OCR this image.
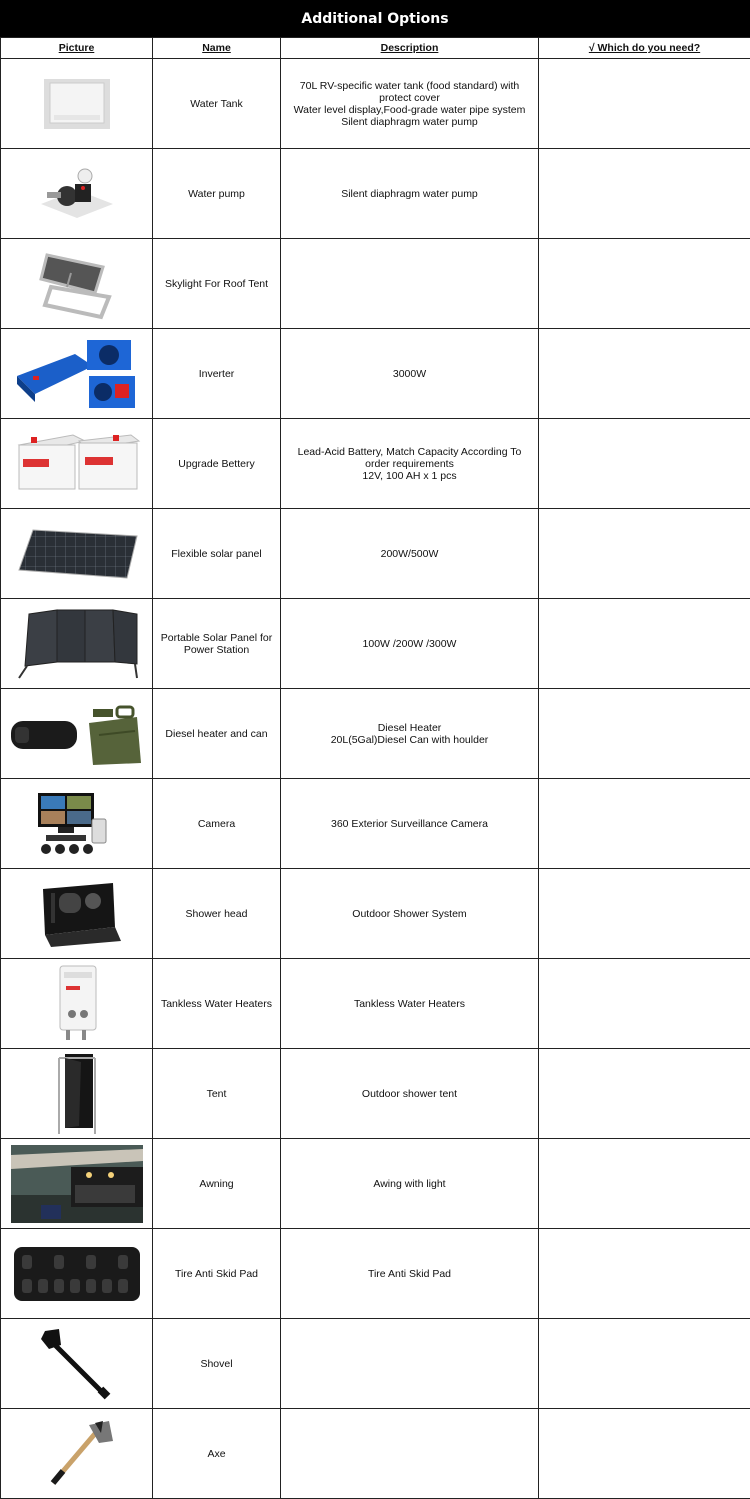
Additional Options
Picture	Name	Description	√ Which do you need?

	Water Tank	70L RV-specific water tank (food standard) with protect cover
Water level display,Food-grade water pipe system
Silent diaphragm water pump	

	Water pump	Silent diaphragm water pump	

	Skylight For Roof Tent		

	Inverter	3000W	

	Upgrade Bettery	Lead-Acid Battery, Match Capacity According To order requirements
12V, 100 AH x 1 pcs	

	Flexible solar panel	200W/500W	

	Portable Solar Panel for Power Station	100W /200W /300W	

	Diesel heater and can	Diesel Heater
20L(5Gal)Diesel Can with houlder	

	Camera	360 Exterior Surveillance Camera	

	Shower head	Outdoor Shower System	

	Tankless Water Heaters	Tankless Water Heaters	

	Tent	Outdoor shower tent	

	Awning	Awing with light	

	Tire Anti Skid Pad	Tire Anti Skid Pad	

	Shovel		

	Axe		
